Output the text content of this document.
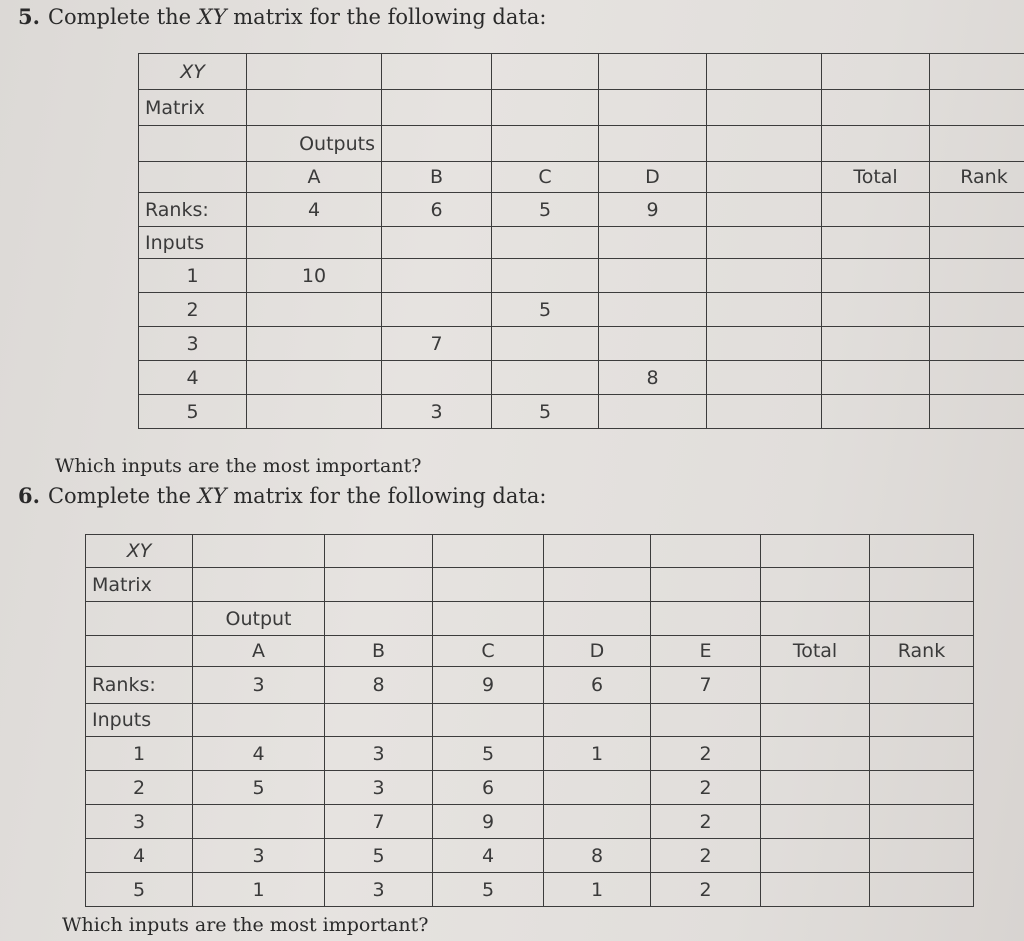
5. Complete the XY matrix for the following data:
XY							
Matrix							
	Outputs						
	A	B	C	D		Total	Rank
Ranks:	4	6	5	9			
Inputs							
1	10						
2			5				
3		7					
4				8			
5		3	5				
Which inputs are the most important?
6. Complete the XY matrix for the following data:
XY							
Matrix							
	Output						
	A	B	C	D	E	Total	Rank
Ranks:	3	8	9	6	7		
Inputs							
1	4	3	5	1	2		
2	5	3	6		2		
3		7	9		2		
4	3	5	4	8	2		
5	1	3	5	1	2		
Which inputs are the most important?
